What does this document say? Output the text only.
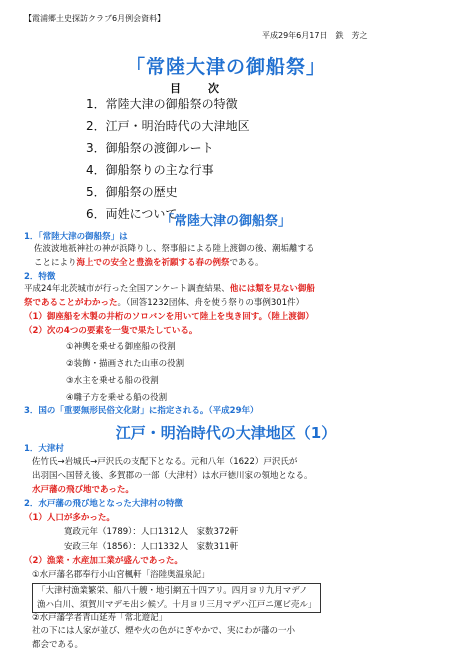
【霞浦郷土史探訪クラブ6月例会資料】
平成29年6月17日　鉄　芳之
「常陸大津の御船祭」
目　次
1．常陸大津の御船祭の特徴
2．江戸・明治時代の大津地区
3．御船祭の渡御ルート
4．御船祭りの主な行事
5．御船祭の歴史
6．両姓について
「常陸大津の御船祭」
1．「常陸大津の御船祭」は
佐波波地祇神社の神が浜降りし、祭事船による陸上渡御の後、潮垢離する
ことにより海上での安全と豊漁を祈願する春の例祭である。
2．特徴
平成24年北茨城市が行った全国アンケート調査結果、他には類を見ない御船
祭であることがわかった。（回答1232団体、舟を使う祭りの事例301件）
（1）御座船を木製の井桁のソロバンを用いて陸上を曳き回す。（陸上渡御）
（2）次の4つの要素を一隻で果たしている。
①神輿を乗せる御座船の役割
②装飾・描画された山車の役割
③水主を乗せる船の役割
④囃子方を乗せる船の役割
3．国の「重要無形民俗文化財」に指定される。（平成29年）
江戸・明治時代の大津地区（1）
1．大津村
佐竹氏→岩城氏→戸沢氏の支配下となる。元和八年（1622）戸沢氏が
出羽国へ国替え後、多賀郡の一部（大津村）は水戸徳川家の領地となる。
水戸藩の飛び地であった。
2．水戸藩の飛び地となった大津村の特徴
（1）人口が多かった。
寛政元年（1789）：人口1312人　家数372軒
安政三年（1856）：人口1332人　家数311軒
（2）漁業・水産加工業が盛んであった。
①水戸藩名郡奉行小山宮楓軒「浴陸奥温泉記」
「大津村漁業繁栄、船八十艘・地引網五十四アリ。四月ヨリ九月マデノ
漁ハ白川、須賀川マデモ出シ候ゾ。十月ヨリ三月マデハ江戸ニ運ビ売ル」
②水戸藩学者青山延寿「常北遊記」
社の下には人家が並び、煙や火の色がにぎやかで、実にわが藩の一小
都会である。
